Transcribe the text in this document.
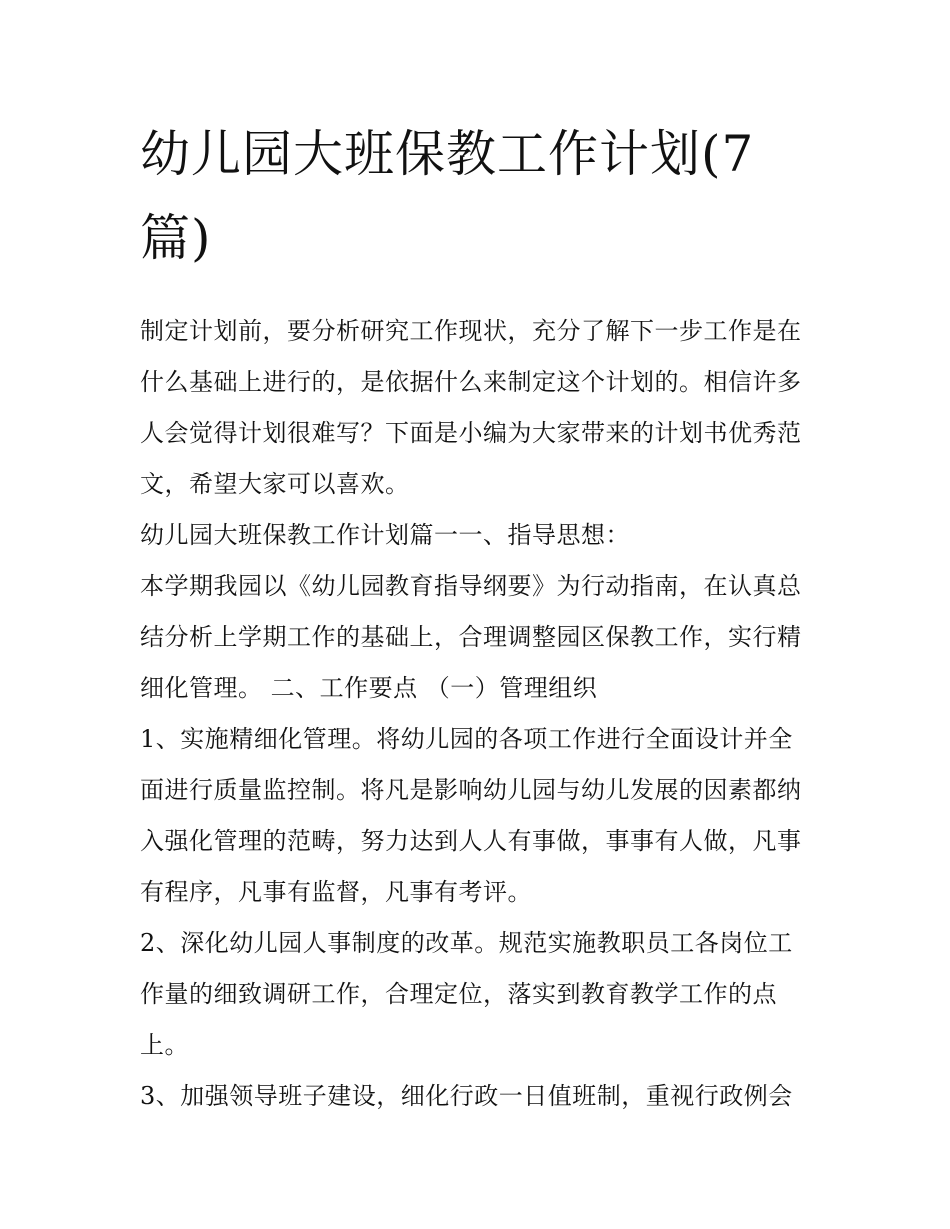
幼儿园大班保教工作计划(7
篇)

制定计划前，要分析研究工作现状，充分了解下一步工作是在
什么基础上进行的，是依据什么来制定这个计划的。相信许多
人会觉得计划很难写？下面是小编为大家带来的计划书优秀范
文，希望大家可以喜欢。

幼儿园大班保教工作计划篇一一、指导思想：

本学期我园以《幼儿园教育指导纲要》为行动指南，在认真总
结分析上学期工作的基础上，合理调整园区保教工作，实行精
细化管理。 二、工作要点 （一）管理组织

1、实施精细化管理。将幼儿园的各项工作进行全面设计并全
面进行质量监控制。将凡是影响幼儿园与幼儿发展的因素都纳
入强化管理的范畴，努力达到人人有事做，事事有人做，凡事
有程序，凡事有监督，凡事有考评。

2、深化幼儿园人事制度的改革。规范实施教职员工各岗位工
作量的细致调研工作，合理定位，落实到教育教学工作的点
上。

3、加强领导班子建设，细化行政一日值班制，重视行政例会
